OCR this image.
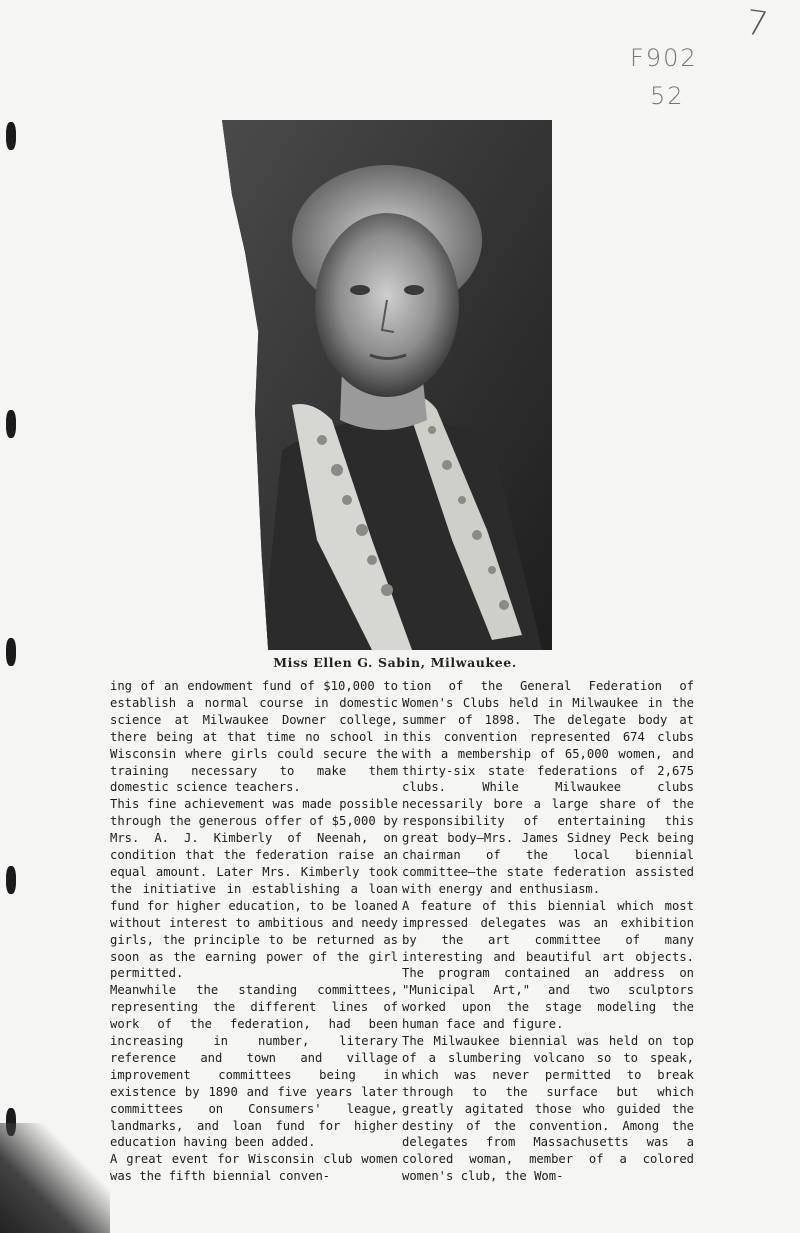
7
F902
52
Miss Ellen G. Sabin, Milwaukee.

ing of an endowment fund of $10,000 to establish a normal course in domestic science at Milwaukee Downer college, there being at that time no school in Wisconsin where girls could secure the training necessary to make them domestic science teachers.

This fine achievement was made possible through the generous offer of $5,000 by Mrs. A. J. Kimberly of Neenah, on condition that the federation raise an equal amount. Later Mrs. Kimberly took the initiative in establishing a loan fund for higher education, to be loaned without interest to ambitious and needy girls, the principle to be returned as soon as the earning power of the girl permitted.

Meanwhile the standing committees, representing the different lines of work of the federation, had been increasing in number, literary reference and town and village improvement committees being in existence by 1890 and five years later committees on Consumers' league, landmarks, and loan fund for higher education having been added.

A great event for Wisconsin club women was the fifth biennial conven-

tion of the General Federation of Women's Clubs held in Milwaukee in the summer of 1898. The delegate body at this convention represented 674 clubs with a membership of 65,000 women, and thirty-six state federations of 2,675 clubs. While Milwaukee clubs necessarily bore a large share of the responsibility of entertaining this great body—Mrs. James Sidney Peck being chairman of the local biennial committee—the state federation assisted with energy and enthusiasm.

A feature of this biennial which most impressed delegates was an exhibition by the art committee of many interesting and beautiful art objects. The program contained an address on "Municipal Art," and two sculptors worked upon the stage modeling the human face and figure.

The Milwaukee biennial was held on top of a slumbering volcano so to speak, which was never permitted to break through to the surface but which greatly agitated those who guided the destiny of the convention. Among the delegates from Massachusetts was a colored woman, member of a colored women's club, the Wom-
